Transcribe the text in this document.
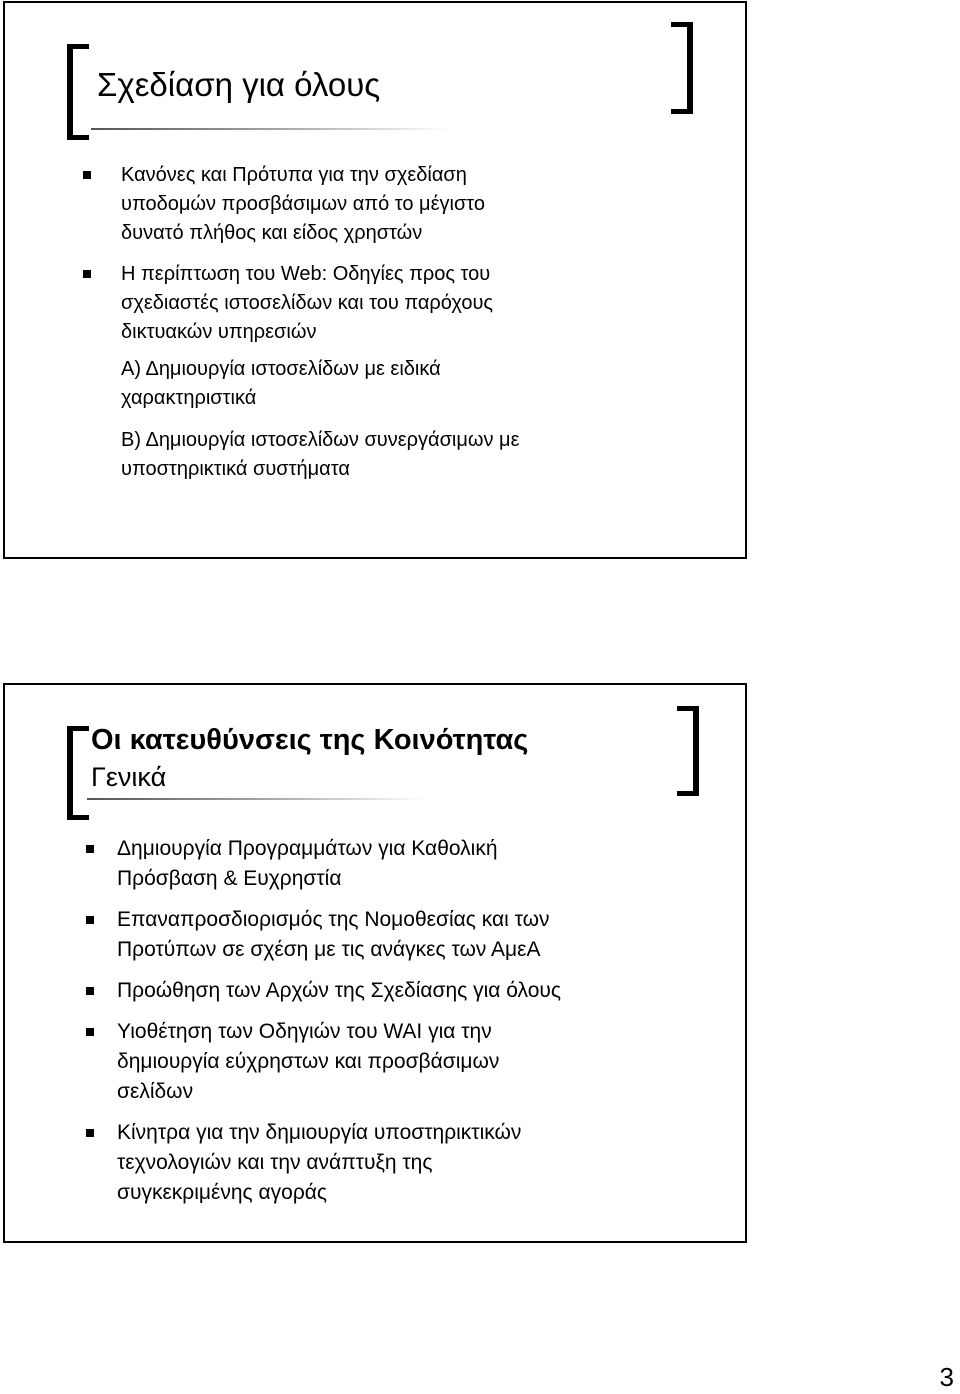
Σχεδίαση για όλους
Κανόνες και Πρότυπα για την σχεδίαση
υποδομών προσβάσιμων από το μέγιστο
δυνατό πλήθος και είδος χρηστών
Η περίπτωση του Web: Οδηγίες προς του
σχεδιαστές ιστοσελίδων και του παρόχους
δικτυακών υπηρεσιών
Α) Δημιουργία ιστοσελίδων με ειδικά
χαρακτηριστικά
Β) Δημιουργία ιστοσελίδων συνεργάσιμων με
υποστηρικτικά συστήματα
Οι κατευθύνσεις της Κοινότητας
Γενικά
Δημιουργία Προγραμμάτων για Καθολική
Πρόσβαση & Ευχρηστία
Επαναπροσδιορισμός της Νομοθεσίας και των
Προτύπων σε σχέση με τις ανάγκες των ΑμεΑ
Προώθηση των Αρχών της Σχεδίασης για όλους
Υιοθέτηση των Οδηγιών του WAI για την
δημιουργία εύχρηστων και προσβάσιμων
σελίδων
Κίνητρα για την δημιουργία υποστηρικτικών
τεχνολογιών και την ανάπτυξη της
συγκεκριμένης αγοράς
3
